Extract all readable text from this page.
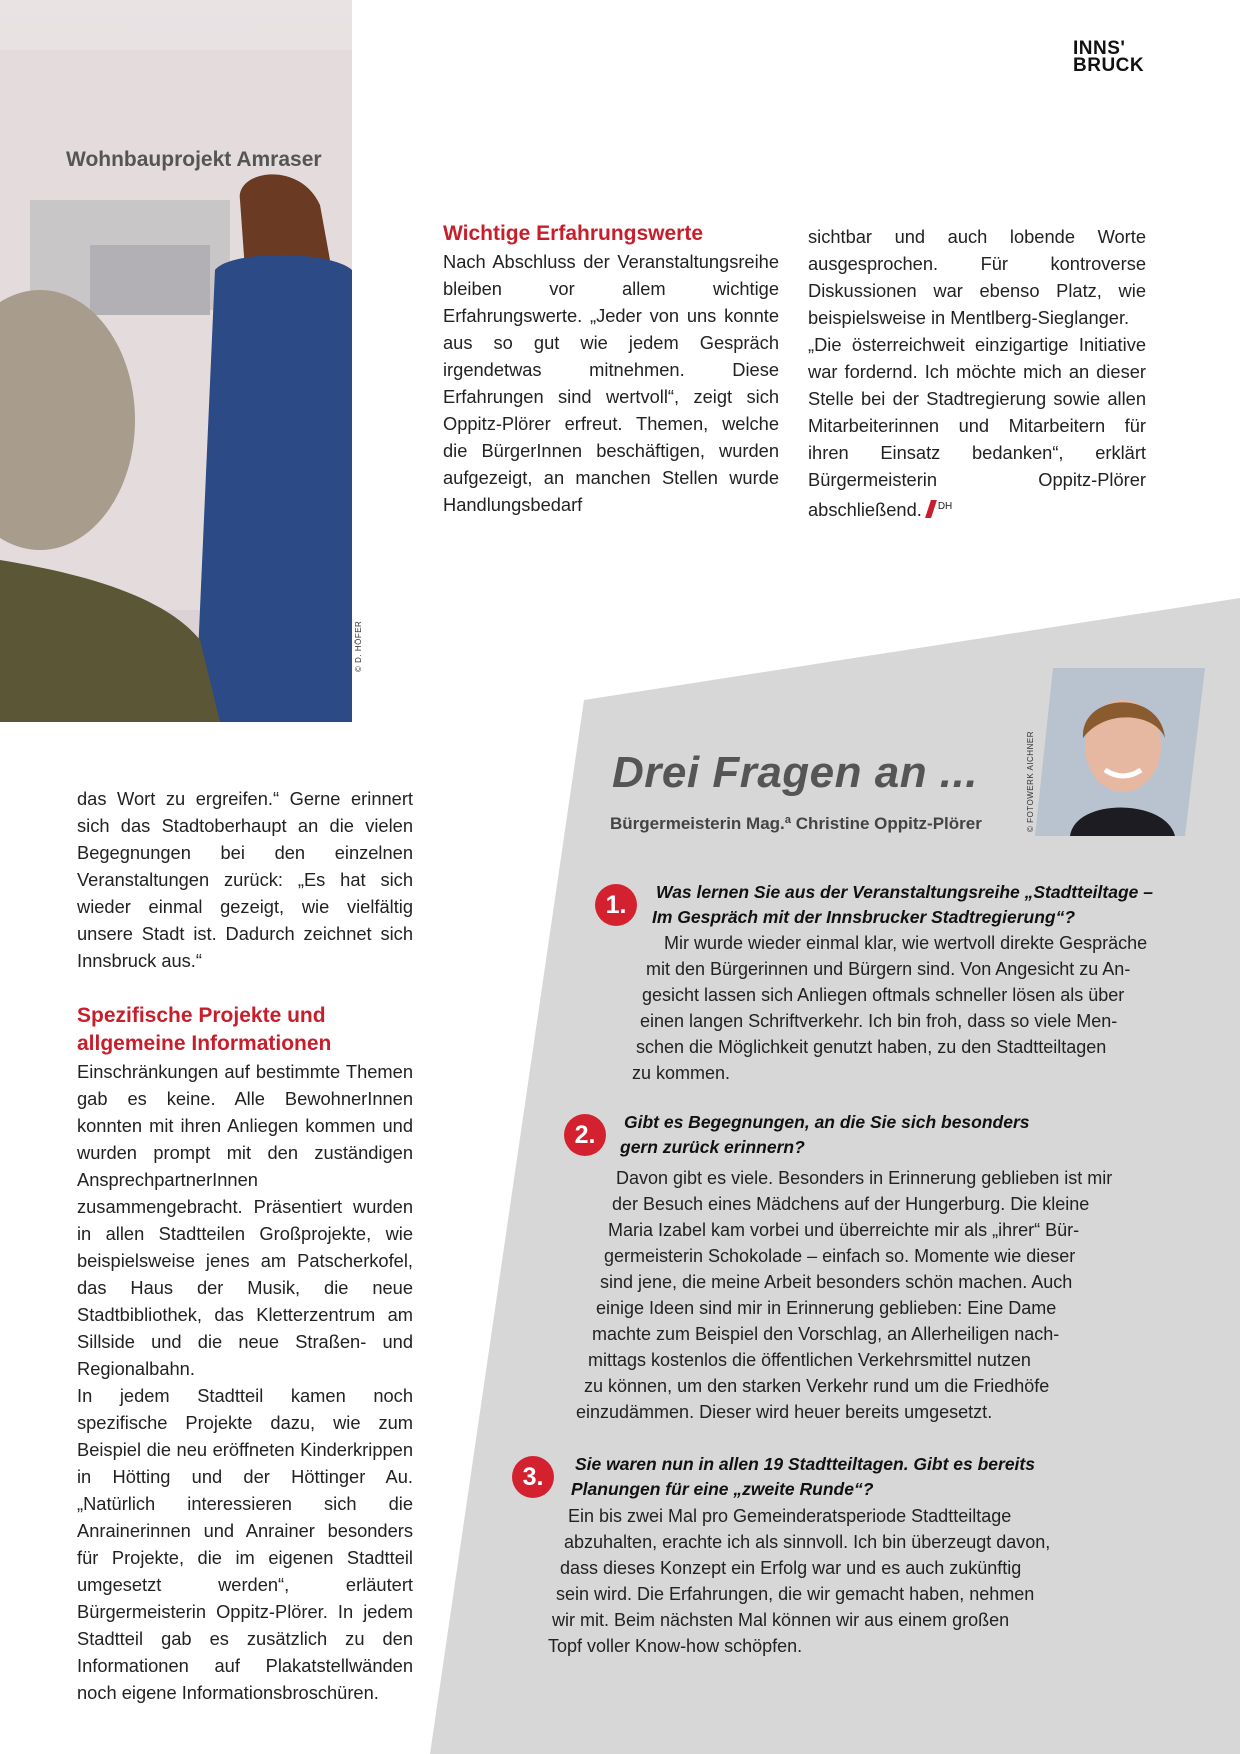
Wohnbauprojekt Amraser
© D. HÖFER
INNS'
BRUCK
Wichtige Erfahrungswerte

Nach Abschluss der Veranstaltungsreihe bleiben vor allem wichtige Erfahrungswerte. „Jeder von uns konnte aus so gut wie jedem Gespräch irgendetwas mitnehmen. Diese Erfahrungen sind wertvoll“, zeigt sich Oppitz-Plörer erfreut. Themen, welche die BürgerInnen beschäftigen, wurden aufgezeigt, an manchen Stellen wurde Handlungsbedarf

sichtbar und auch lobende Worte ausgesprochen. Für kontroverse Diskussionen war ebenso Platz, wie beispielsweise in Mentlberg-Sieglanger.

„Die österreichweit einzigartige Initiative war fordernd. Ich möchte mich an dieser Stelle bei der Stadtregierung sowie allen Mitarbeiterinnen und Mitarbeitern für ihren Einsatz bedanken“, erklärt Bürgermeisterin Oppitz-Plörer abschließend. $^{DH}$

das Wort zu ergreifen.“ Gerne erinnert sich das Stadtoberhaupt an die vielen Begegnungen bei den einzelnen Veranstaltungen zurück: „Es hat sich wieder einmal gezeigt, wie vielfältig unsere Stadt ist. Dadurch zeichnet sich Innsbruck aus.“

Spezifische Projekte und
allgemeine Informationen

Einschränkungen auf bestimmte Themen gab es keine. Alle BewohnerInnen konnten mit ihren Anliegen kommen und wurden prompt mit den zuständigen AnsprechpartnerInnen zusammengebracht. Präsentiert wurden in allen Stadtteilen Großprojekte, wie beispielsweise jenes am Patscherkofel, das Haus der Musik, die neue Stadtbibliothek, das Kletterzentrum am Sillside und die neue Straßen- und Regionalbahn.

In jedem Stadtteil kamen noch spezifische Projekte dazu, wie zum Beispiel die neu eröffneten Kinderkrippen in Hötting und der Höttinger Au. „Natürlich interessieren sich die Anrainerinnen und Anrainer besonders für Projekte, die im eigenen Stadtteil umgesetzt werden“, erläutert Bürgermeisterin Oppitz-Plörer. In jedem Stadtteil gab es zusätzlich zu den Informationen auf Plakatstellwänden noch eigene Informationsbroschüren.

Drei Fragen an ...
Bürgermeisterin Mag.ª Christine Oppitz-Plörer	© FOTOWERK AICHNER
1.	Was lernen Sie aus der Veranstaltungsreihe „Stadtteiltage –
Im Gespräch mit der Innsbrucker Stadtregierung“?
Mir wurde wieder einmal klar, wie wertvoll direkte Gespräche
mit den Bürgerinnen und Bürgern sind. Von Angesicht zu An-
gesicht lassen sich Anliegen oftmals schneller lösen als über
einen langen Schriftverkehr. Ich bin froh, dass so viele Men-
schen die Möglichkeit genutzt haben, zu den Stadtteiltagen
zu kommen.
2.	Gibt es Begegnungen, an die Sie sich besonders
gern zurück erinnern?
Davon gibt es viele. Besonders in Erinnerung geblieben ist mir
der Besuch eines Mädchens auf der Hungerburg. Die kleine
Maria Izabel kam vorbei und überreichte mir als „ihrer“ Bür-
germeisterin Schokolade – einfach so. Momente wie dieser
sind jene, die meine Arbeit besonders schön machen. Auch
einige Ideen sind mir in Erinnerung geblieben: Eine Dame
machte zum Beispiel den Vorschlag, an Allerheiligen nach-
mittags kostenlos die öffentlichen Verkehrsmittel nutzen
zu können, um den starken Verkehr rund um die Friedhöfe
einzudämmen. Dieser wird heuer bereits umgesetzt.
3.	Sie waren nun in allen 19 Stadtteiltagen. Gibt es bereits
Planungen für eine „zweite Runde“?
Ein bis zwei Mal pro Gemeinderatsperiode Stadtteiltage
abzuhalten, erachte ich als sinnvoll. Ich bin überzeugt davon,
dass dieses Konzept ein Erfolg war und es auch zukünftig
sein wird. Die Erfahrungen, die wir gemacht haben, nehmen
wir mit. Beim nächsten Mal können wir aus einem großen
Topf voller Know-how schöpfen.
